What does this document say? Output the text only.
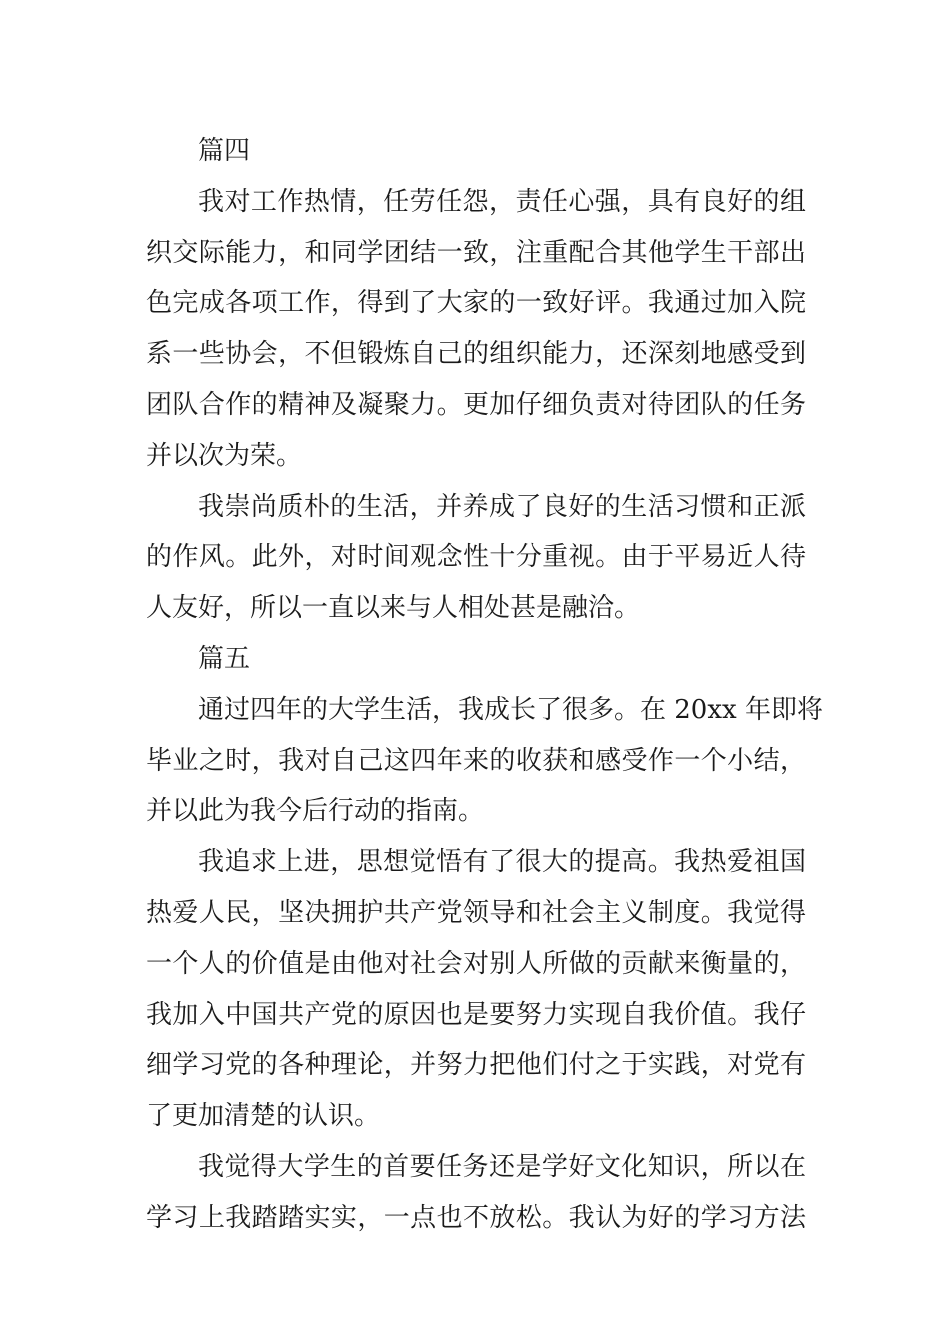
篇四
我对工作热情，任劳任怨，责任心强，具有良好的组
织交际能力，和同学团结一致，注重配合其他学生干部出
色完成各项工作，得到了大家的一致好评。我通过加入院
系一些协会，不但锻炼自己的组织能力，还深刻地感受到
团队合作的精神及凝聚力。更加仔细负责对待团队的任务
并以次为荣。
我崇尚质朴的生活，并养成了良好的生活习惯和正派
的作风。此外，对时间观念性十分重视。由于平易近人待
人友好，所以一直以来与人相处甚是融洽。
篇五
通过四年的大学生活，我成长了很多。在 20xx 年即将
毕业之时，我对自己这四年来的收获和感受作一个小结，
并以此为我今后行动的指南。
我追求上进，思想觉悟有了很大的提高。我热爱祖国
热爱人民，坚决拥护共产党领导和社会主义制度。我觉得
一个人的价值是由他对社会对别人所做的贡献来衡量的，
我加入中国共产党的原因也是要努力实现自我价值。我仔
细学习党的各种理论，并努力把他们付之于实践，对党有
了更加清楚的认识。
我觉得大学生的首要任务还是学好文化知识，所以在
学习上我踏踏实实，一点也不放松。我认为好的学习方法
